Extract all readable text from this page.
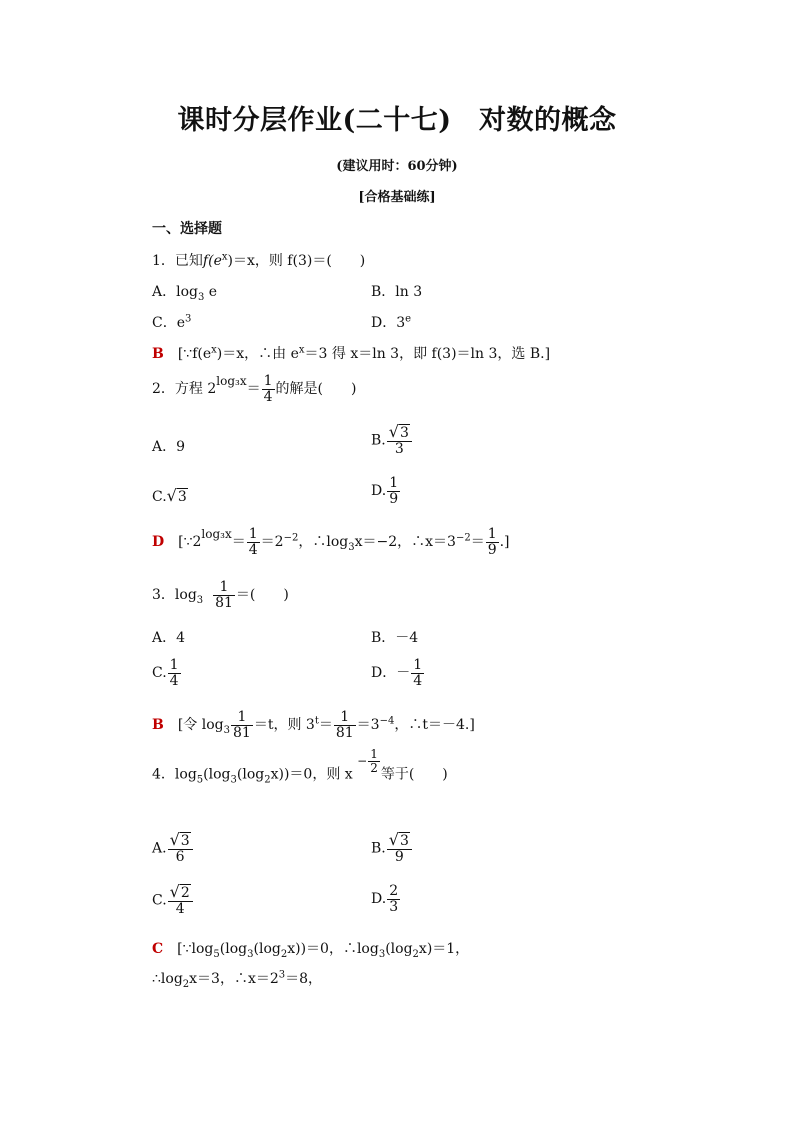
课时分层作业(二十七)　对数的概念
(建议用时：60分钟)
[合格基础练]
一、选择题
1．已知$f(e^x)=x$，则 f(3)＝(　　)
A．$\log_3 e$	B．ln 3
C．$e^3$	D．3e
B [$\because f(e^x)=x$，∴由 $e^x=3$ 得 x＝ln 3，即 f(3)＝ln 3，选 B.]
2．方程 $2\log_3x= \frac{1}{4}$ 的解是(　　)
A．9	B. $\frac{√3}{3}$
C.√3	D. $\frac{1}{9}$
D [∵2log₃x＝ $\frac{1}{4} =2^{-2}$，$\therefore\log_3x=-2$，$\therefore x=3^{-2}= \frac{1}{9}$ .]
3．$\log_3 \frac{1}{81}$ ＝(　　)
A．4	B．－4
C. $\frac{1}{4}$	D．－ $\frac{1}{4}$
B [令 $\log_3 \frac{1}{81} =t$，则 $3^t= \frac{1}{81} =3^{-4}$，∴t＝－4.]
4．$\log_5(\log_3(\log_2x))=0$，则 $x - \frac{1}{2}$
等于(　　)
A. $\frac{√3}{6}$	B. $\frac{√3}{9}$
C. $\frac{√2}{4}$	D. $\frac{2}{3}$
C [$\because\log_5(\log_3(\log_2x))=0$，$\therefore\log_3(\log_2x)=1$，
$\therefore\log_2x=3$，$\therefore x=2^3=8$，
